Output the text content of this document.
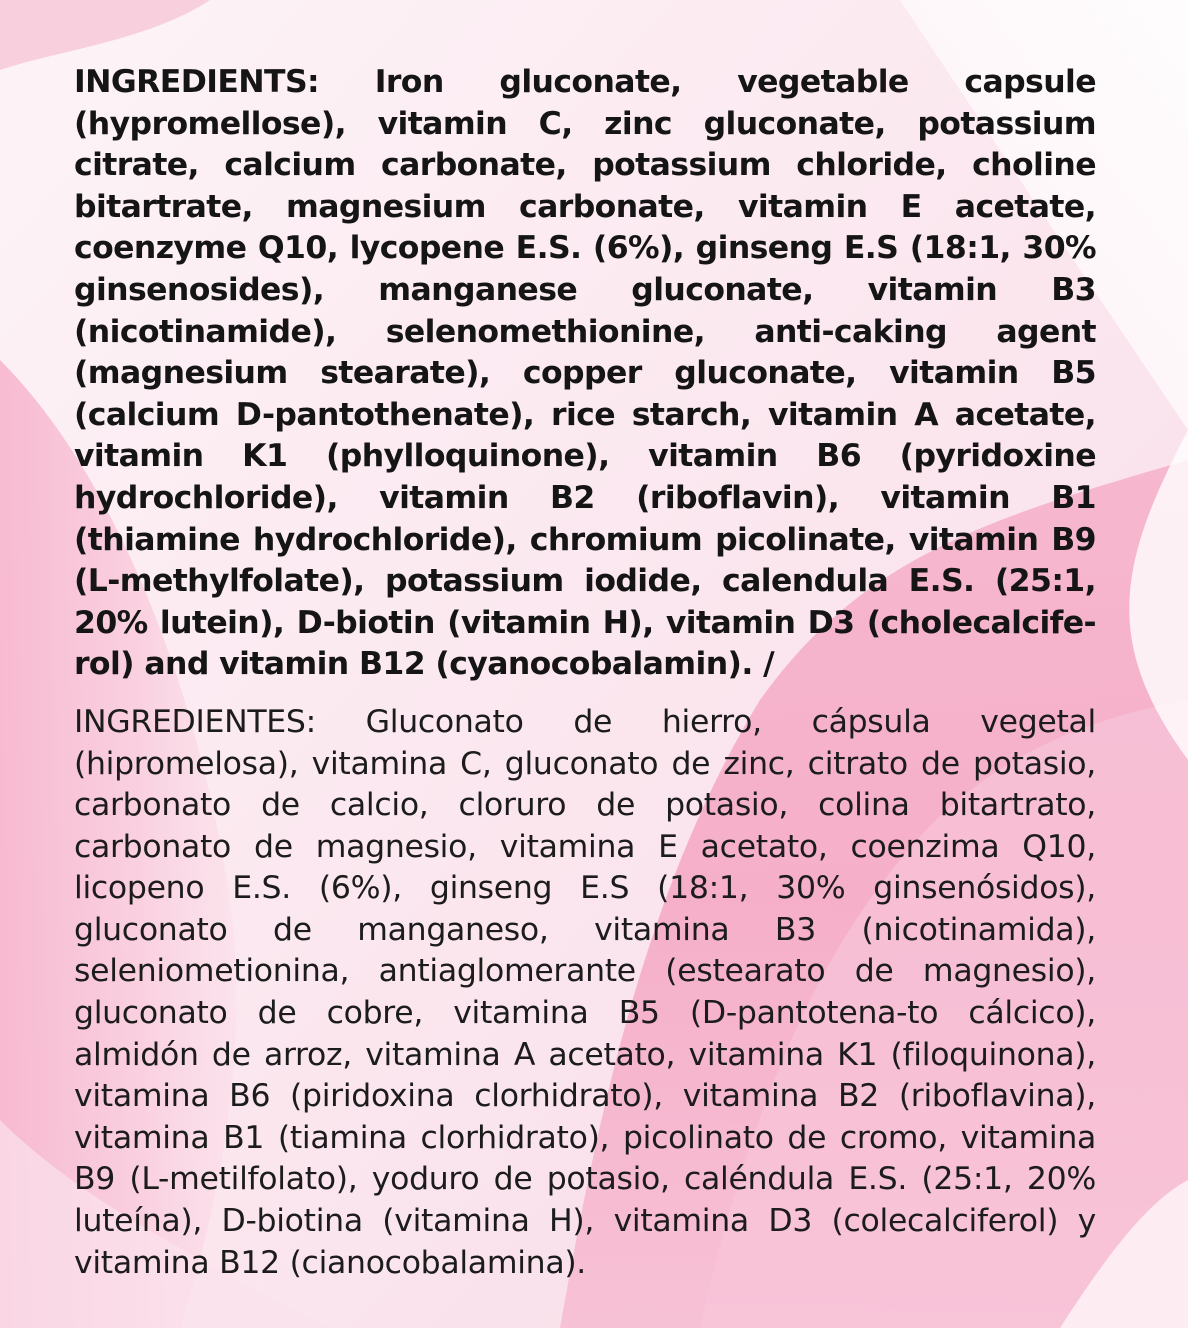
INGREDIENTS: Iron gluconate, vegetable capsule (hypromellose), vitamin C, zinc gluconate, potassium citrate, calcium carbonate, potassium chloride, choline bitartrate, magnesium carbonate, vitamin E acetate, coenzyme Q10, lycopene E.S. (6%), ginseng E.S (18:1, 30% ginsenosides), manganese gluconate, vitamin B3 (nicotinamide), selenomethionine, anti-caking agent (magnesium stearate), copper gluconate, vitamin B5 (calcium D-pantothenate), rice starch, vitamin A acetate, vitamin K1 (phylloquinone), vitamin B6 (pyridoxine hydrochloride), vitamin B2 (riboflavin), vitamin B1 (thiamine hydrochloride), chromium picolinate, vitamin B9 (L-methylfolate), potassium iodide, calendula E.S. (25:1, 20% lutein), D-biotin (vitamin H), vitamin D3 (cholecalcife-rol) and vitamin B12 (cyanocobalamin). /

INGREDIENTES: Gluconato de hierro, cápsula vegetal (hipromelosa), vitamina C, gluconato de zinc, citrato de potasio, carbonato de calcio, cloruro de potasio, colina bitartrato, carbonato de magnesio, vitamina E acetato, coenzima Q10, licopeno E.S. (6%), ginseng E.S (18:1, 30% ginsenósidos), gluconato de manganeso, vitamina B3 (nicotinamida), seleniometionina, antiaglomerante (estearato de magnesio), gluconato de cobre, vitamina B5 (D-pantotena-to cálcico), almidón de arroz, vitamina A acetato, vitamina K1 (filoquinona), vitamina B6 (piridoxina clorhidrato), vitamina B2 (riboflavina), vitamina B1 (tiamina clorhidrato), picolinato de cromo, vitamina B9 (L-metilfolato), yoduro de potasio, caléndula E.S. (25:1, 20% luteína), D-biotina (vitamina H), vitamina D3 (colecalciferol) y vitamina B12 (cianocobalamina).
